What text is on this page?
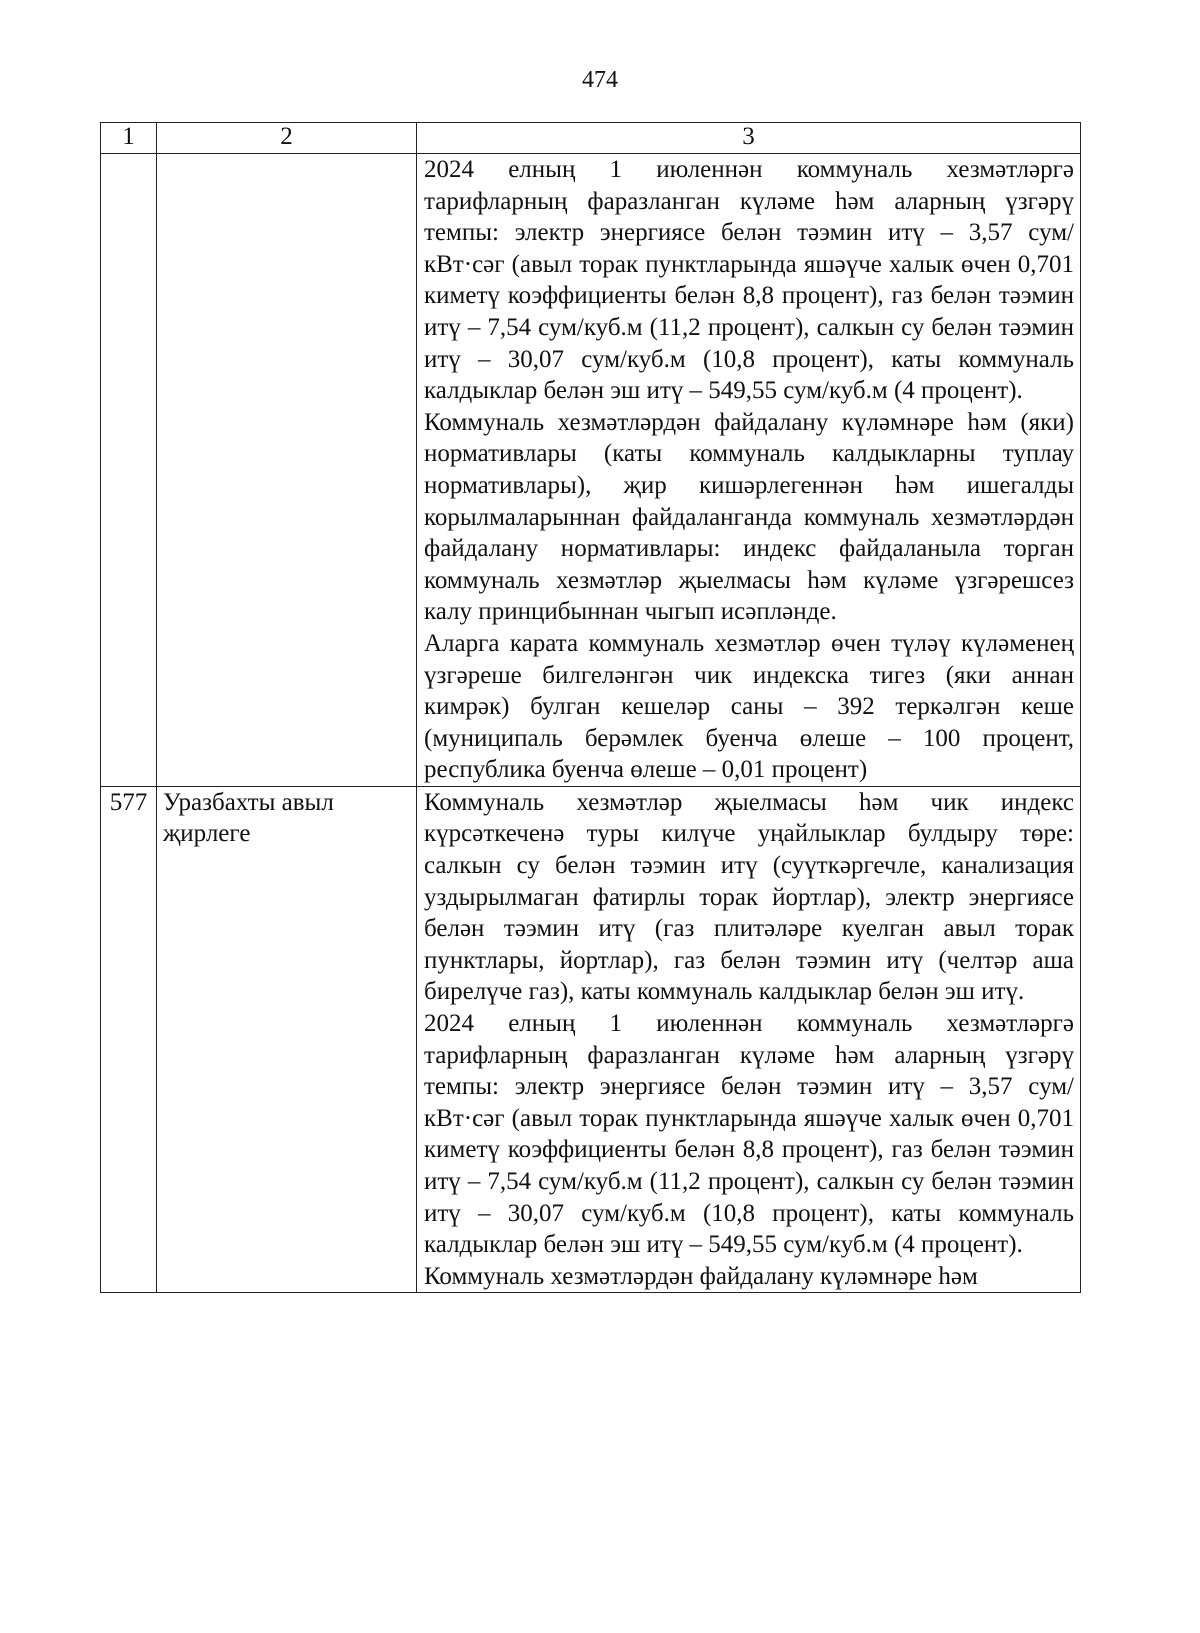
474
1	2	3

		2024 елның 1 июленнән коммуналь хезмәтләргә тарифларның фаразланган күләме һәм аларның үзгәрү темпы: электр энергиясе белән тәэмин итү – 3,57 сум/кВт·сәг (авыл торак пунктларында яшәүче халык өчен 0,701 киметү коэффициенты белән 8,8 процент), газ белән тәэмин итү – 7,54 сум/куб.м (11,2 процент), салкын су белән тәэмин итү – 30,07 сум/куб.м (10,8 процент), каты коммуналь калдыклар белән эш итү – 549,55 сум/куб.м (4 процент).

Коммуналь хезмәтләрдән файдалану күләмнәре һәм (яки) нормативлары (каты коммуналь калдыкларны туплау нормативлары), җир кишәрлегеннән һәм ишегалды корылмаларыннан файдаланганда коммуналь хезмәтләрдән файдалану нормативлары: индекс файдаланыла торган коммуналь хезмәтләр җыелмасы һәм күләме үзгәрешсез калу принцибыннан чыгып исәпләнде.

Аларга карата коммуналь хезмәтләр өчен түләү күләменең үзгәреше билгеләнгән чик индекска тигез (яки аннан кимрәк) булган кешеләр саны – 392 теркәлгән кеше (муниципаль берәмлек буенча өлеше – 100 процент, республика буенча өлеше – 0,01 процент)

577	Уразбахты авыл җирлеге	Коммуналь хезмәтләр җыелмасы һәм чик индекс күрсәткеченә туры килүче уңайлыклар булдыру төре: салкын су белән тәэмин итү (суүткәргечле, канализация уздырылмаган фатирлы торак йортлар), электр энергиясе белән тәэмин итү (газ плитәләре куелган авыл торак пунктлары, йортлар), газ белән тәэмин итү (челтәр аша бирелүче газ), каты коммуналь калдыклар белән эш итү.

2024 елның 1 июленнән коммуналь хезмәтләргә тарифларның фаразланган күләме һәм аларның үзгәрү темпы: электр энергиясе белән тәэмин итү – 3,57 сум/кВт·сәг (авыл торак пунктларында яшәүче халык өчен 0,701 киметү коэффициенты белән 8,8 процент), газ белән тәэмин итү – 7,54 сум/куб.м (11,2 процент), салкын су белән тәэмин итү – 30,07 сум/куб.м (10,8 процент), каты коммуналь калдыклар белән эш итү – 549,55 сум/куб.м (4 процент).

Коммуналь хезмәтләрдән файдалану күләмнәре һәм
